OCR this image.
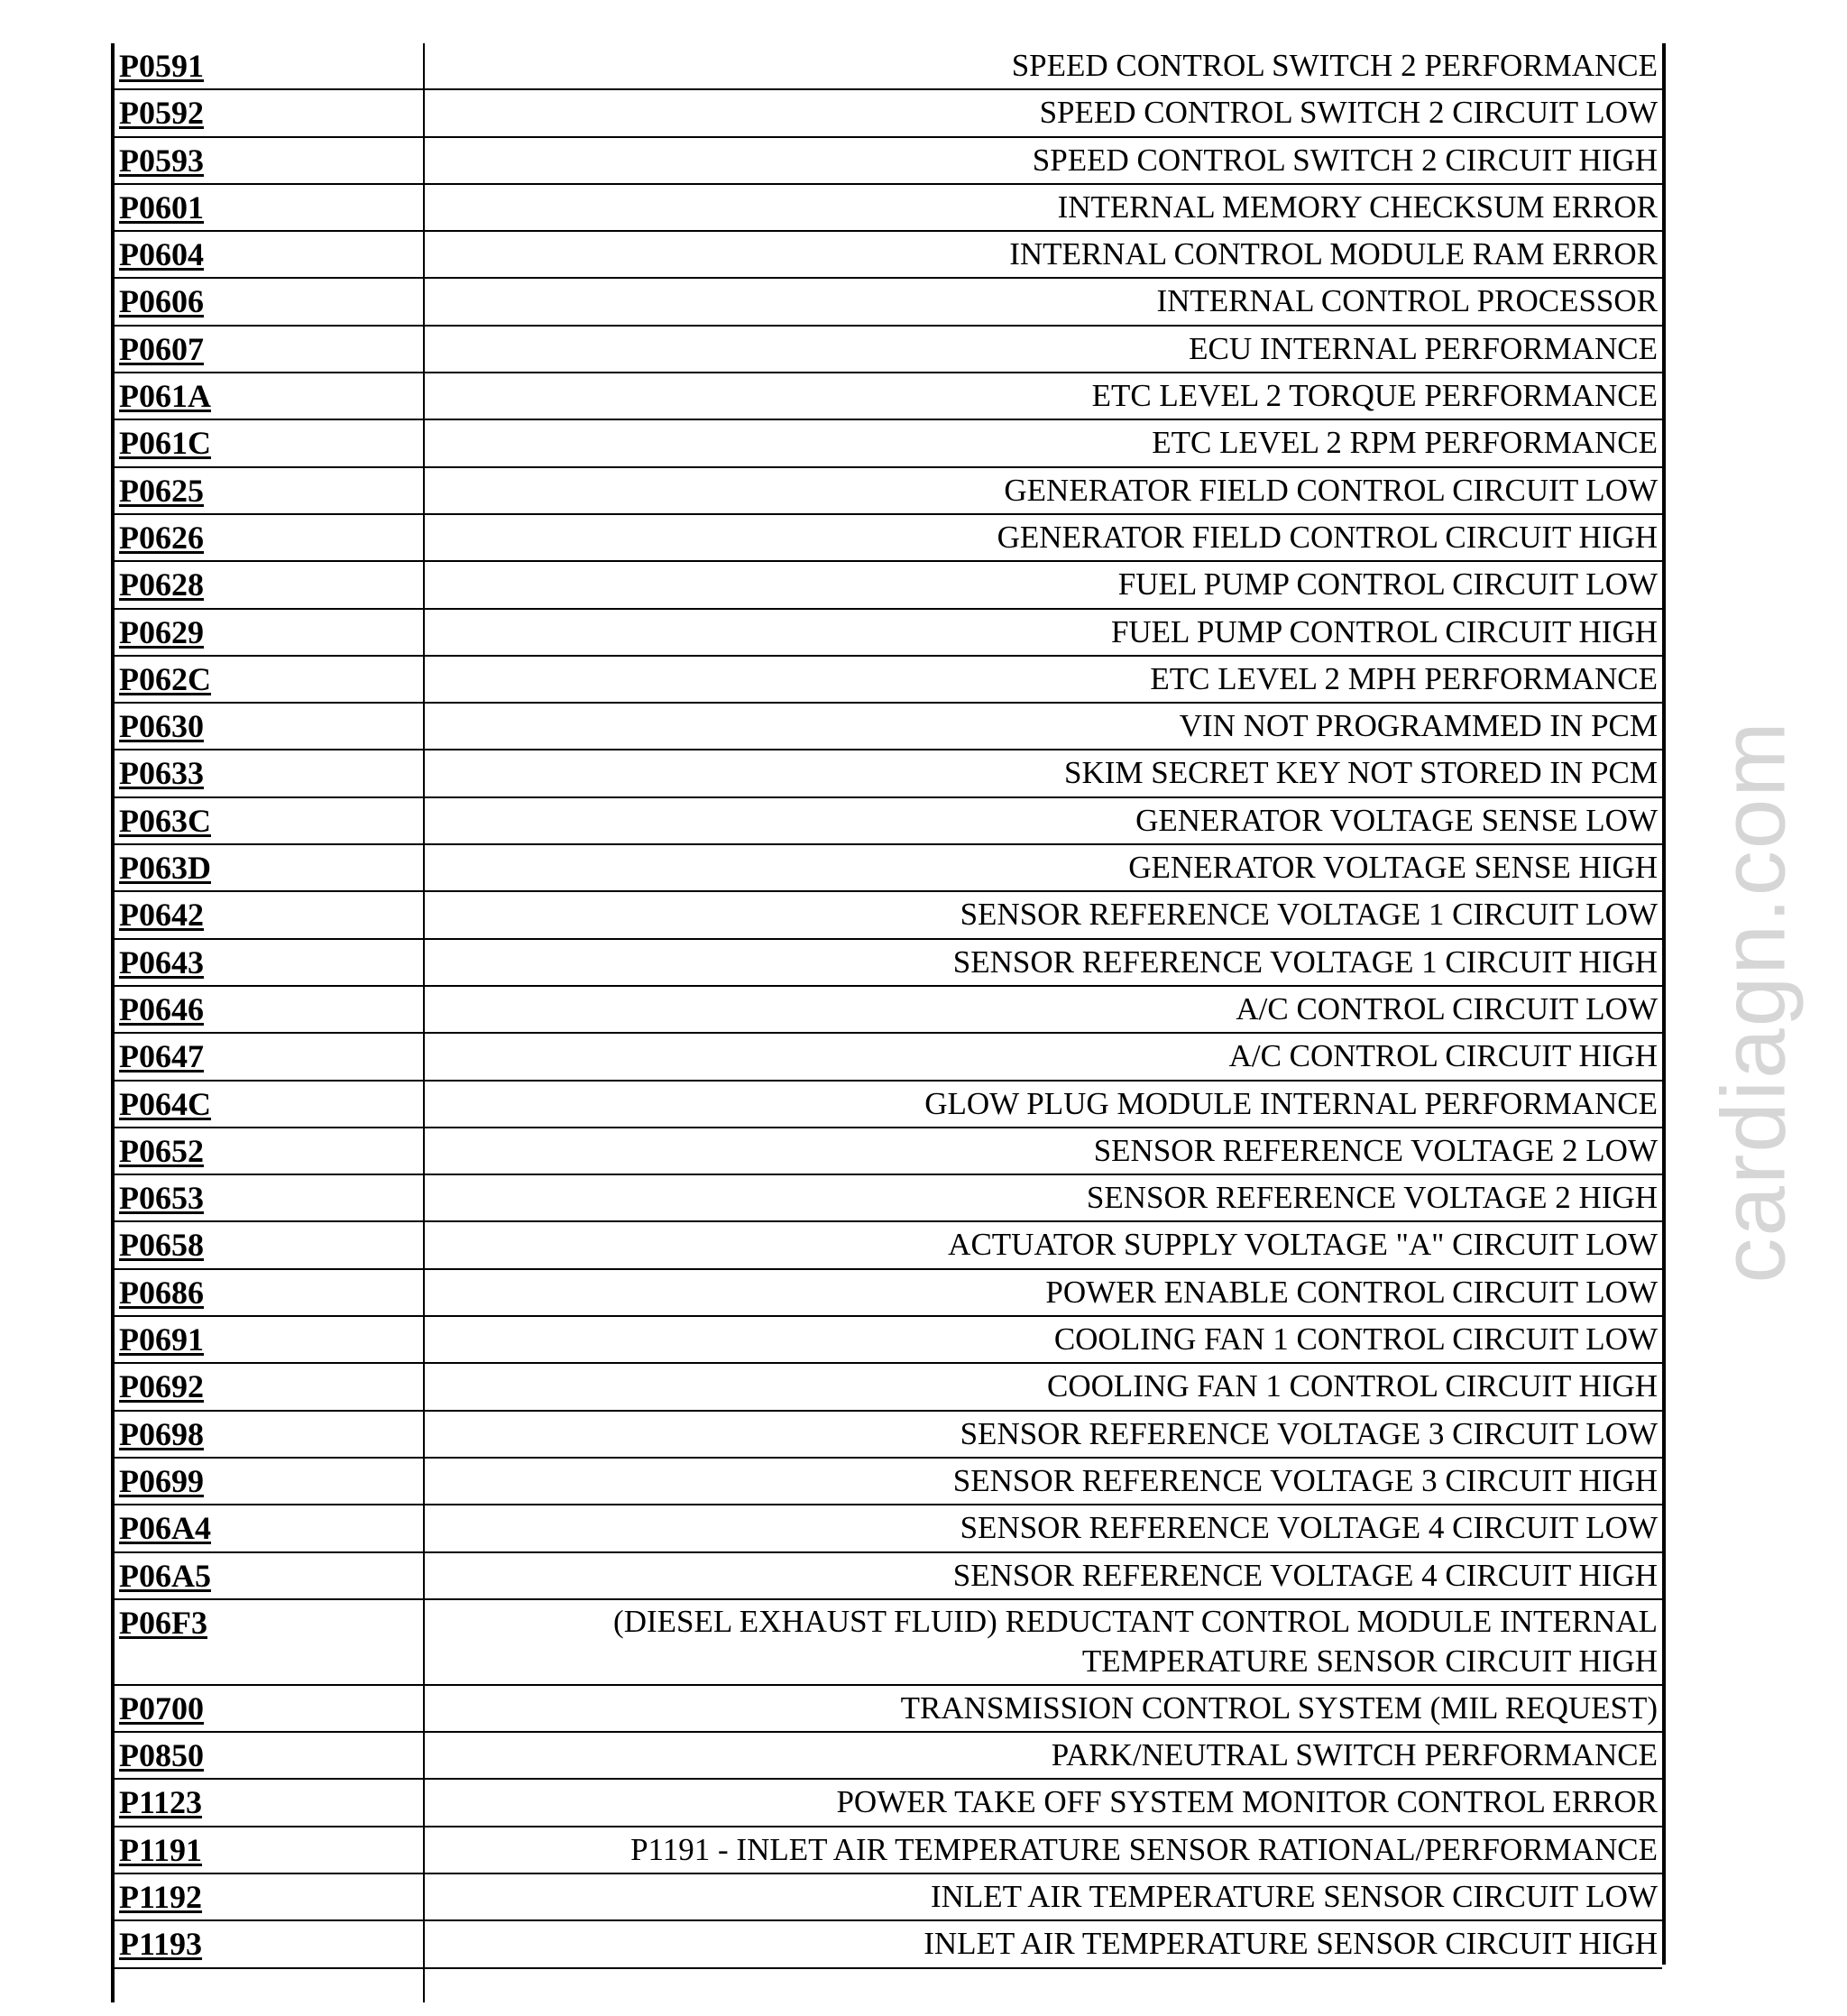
P0591	SPEED CONTROL SWITCH 2 PERFORMANCE
P0592	SPEED CONTROL SWITCH 2 CIRCUIT LOW
P0593	SPEED CONTROL SWITCH 2 CIRCUIT HIGH
P0601	INTERNAL MEMORY CHECKSUM ERROR
P0604	INTERNAL CONTROL MODULE RAM ERROR
P0606	INTERNAL CONTROL PROCESSOR
P0607	ECU INTERNAL PERFORMANCE
P061A	ETC LEVEL 2 TORQUE PERFORMANCE
P061C	ETC LEVEL 2 RPM PERFORMANCE
P0625	GENERATOR FIELD CONTROL CIRCUIT LOW
P0626	GENERATOR FIELD CONTROL CIRCUIT HIGH
P0628	FUEL PUMP CONTROL CIRCUIT LOW
P0629	FUEL PUMP CONTROL CIRCUIT HIGH
P062C	ETC LEVEL 2 MPH PERFORMANCE
P0630	VIN NOT PROGRAMMED IN PCM
P0633	SKIM SECRET KEY NOT STORED IN PCM
P063C	GENERATOR VOLTAGE SENSE LOW
P063D	GENERATOR VOLTAGE SENSE HIGH
P0642	SENSOR REFERENCE VOLTAGE 1 CIRCUIT LOW
P0643	SENSOR REFERENCE VOLTAGE 1 CIRCUIT HIGH
P0646	A/C CONTROL CIRCUIT LOW
P0647	A/C CONTROL CIRCUIT HIGH
P064C	GLOW PLUG MODULE INTERNAL PERFORMANCE
P0652	SENSOR REFERENCE VOLTAGE 2 LOW
P0653	SENSOR REFERENCE VOLTAGE 2 HIGH
P0658	ACTUATOR SUPPLY VOLTAGE "A" CIRCUIT LOW
P0686	POWER ENABLE CONTROL CIRCUIT LOW
P0691	COOLING FAN 1 CONTROL CIRCUIT LOW
P0692	COOLING FAN 1 CONTROL CIRCUIT HIGH
P0698	SENSOR REFERENCE VOLTAGE 3 CIRCUIT LOW
P0699	SENSOR REFERENCE VOLTAGE 3 CIRCUIT HIGH
P06A4	SENSOR REFERENCE VOLTAGE 4 CIRCUIT LOW
P06A5	SENSOR REFERENCE VOLTAGE 4 CIRCUIT HIGH
P06F3	(DIESEL EXHAUST FLUID) REDUCTANT CONTROL MODULE INTERNAL TEMPERATURE SENSOR CIRCUIT HIGH
P0700	TRANSMISSION CONTROL SYSTEM (MIL REQUEST)
P0850	PARK/NEUTRAL SWITCH PERFORMANCE
P1123	POWER TAKE OFF SYSTEM MONITOR CONTROL ERROR
P1191	P1191 - INLET AIR TEMPERATURE SENSOR RATIONAL/PERFORMANCE
P1192	INLET AIR TEMPERATURE SENSOR CIRCUIT LOW
P1193	INLET AIR TEMPERATURE SENSOR CIRCUIT HIGH
cardiagn.com
